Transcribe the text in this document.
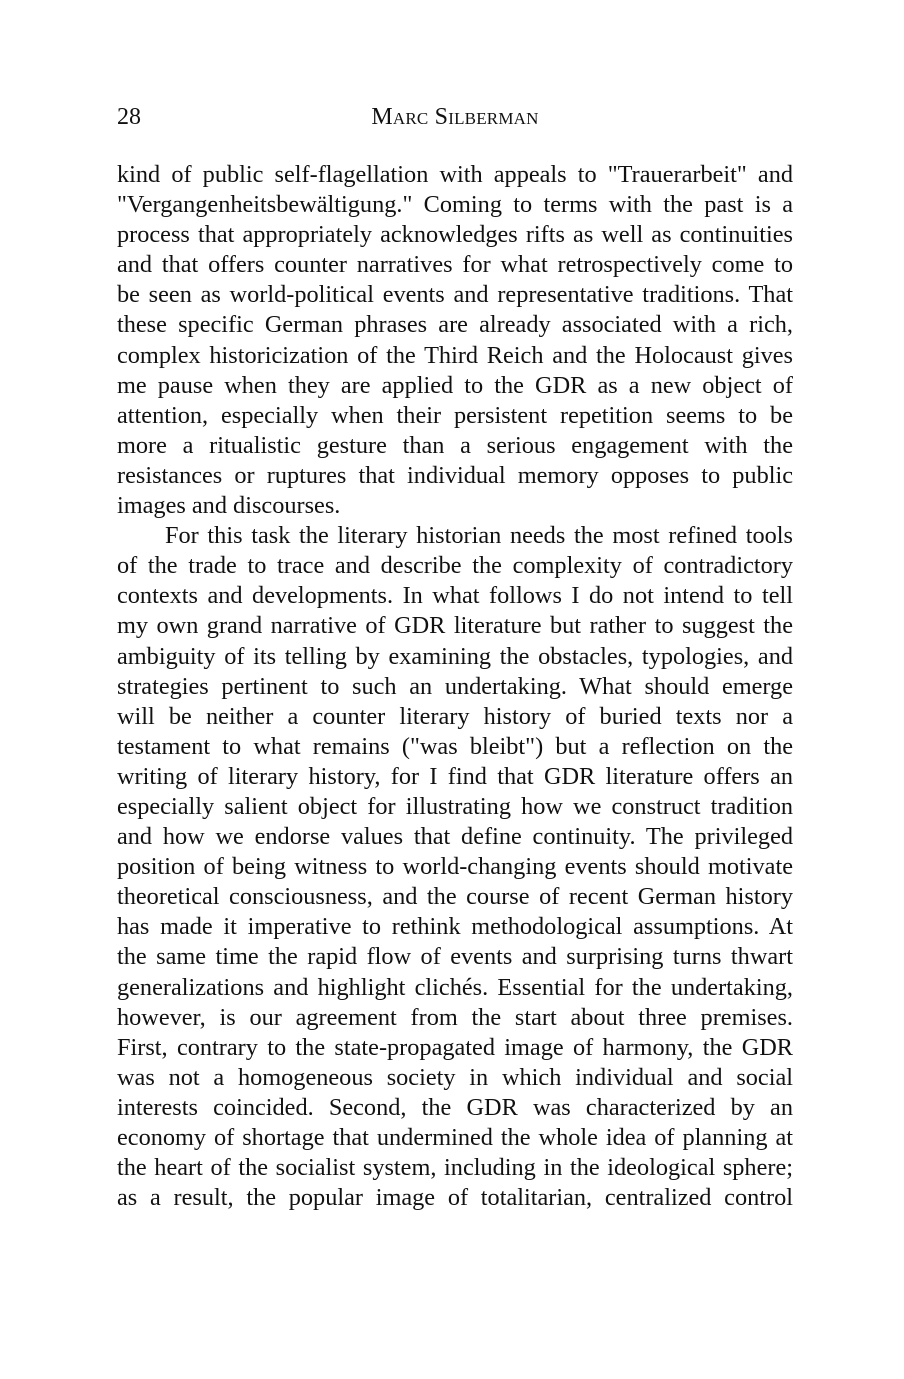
28	Marc Silberman
kind of public self-flagellation with appeals to "Trauerarbeit" and
"Vergangenheitsbewältigung." Coming to terms with the past is a
process that appropriately acknowledges rifts as well as continuities
and that offers counter narratives for what retrospectively come to
be seen as world-political events and representative traditions. That
these specific German phrases are already associated with a rich,
complex historicization of the Third Reich and the Holocaust gives
me pause when they are applied to the GDR as a new object of
attention, especially when their persistent repetition seems to be
more a ritualistic gesture than a serious engagement with the
resistances or ruptures that individual memory opposes to public
images and discourses.
For this task the literary historian needs the most refined tools
of the trade to trace and describe the complexity of contradictory
contexts and developments. In what follows I do not intend to tell
my own grand narrative of GDR literature but rather to suggest the
ambiguity of its telling by examining the obstacles, typologies, and
strategies pertinent to such an undertaking. What should emerge
will be neither a counter literary history of buried texts nor a
testament to what remains ("was bleibt") but a reflection on the
writing of literary history, for I find that GDR literature offers an
especially salient object for illustrating how we construct tradition
and how we endorse values that define continuity. The privileged
position of being witness to world-changing events should motivate
theoretical consciousness, and the course of recent German history
has made it imperative to rethink methodological assumptions. At
the same time the rapid flow of events and surprising turns thwart
generalizations and highlight clichés. Essential for the undertaking,
however, is our agreement from the start about three premises.
First, contrary to the state-propagated image of harmony, the GDR
was not a homogeneous society in which individual and social
interests coincided. Second, the GDR was characterized by an
economy of shortage that undermined the whole idea of planning at
the heart of the socialist system, including in the ideological sphere;
as a result, the popular image of totalitarian, centralized control
